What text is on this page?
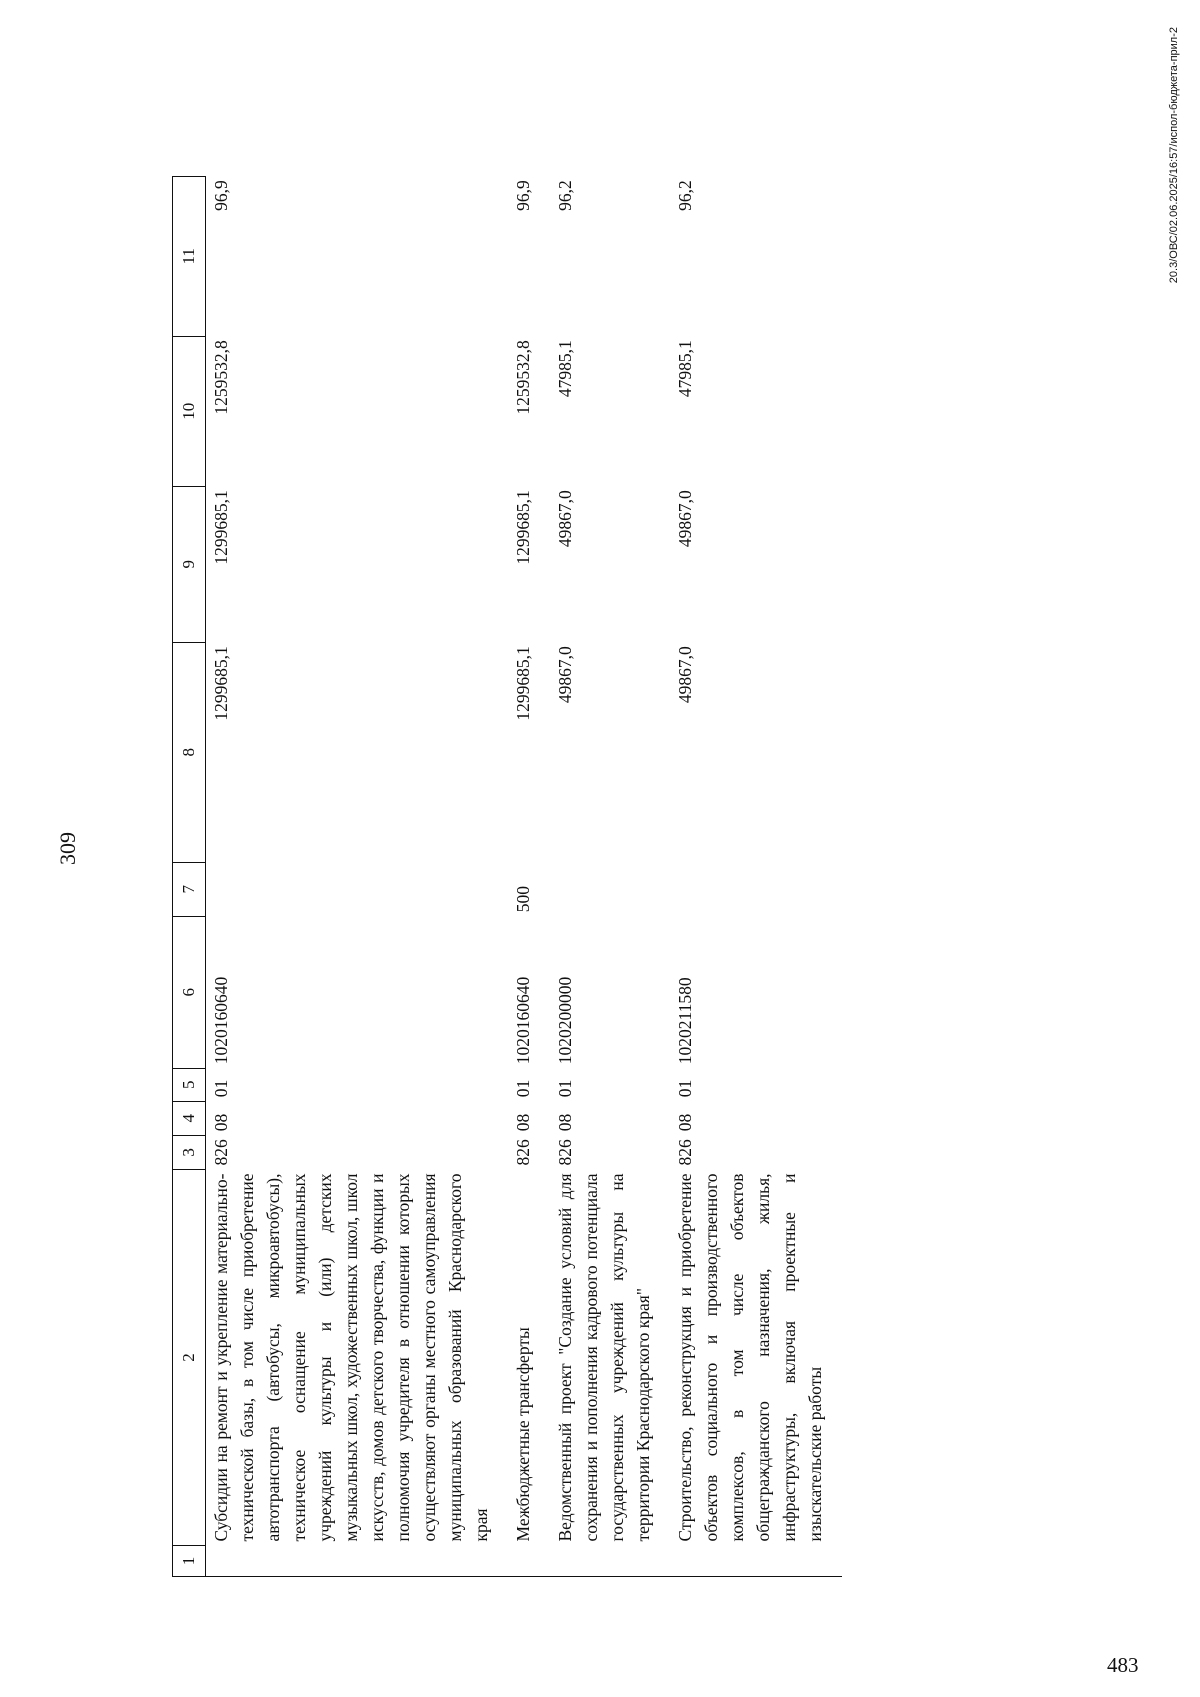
309
1	2	3	4	5	6	7	8	9	10	11
	Субсидии на ремонт и укрепление материально-технической базы, в том числе приобретение автотранспорта (автобусы, микроавтобусы), техническое оснащение муниципальных учреждений культуры и (или) детских музыкальных школ, художественных школ, школ искусств, домов детского творчества, функции и полномочия учредителя в отношении которых осуществляют органы местного самоуправления муниципальных образований Краснодарского края	826	08	01	1020160640		1299685,1	1299685,1	1259532,8	96,9
	Межбюджетные трансферты	826	08	01	1020160640	500	1299685,1	1299685,1	1259532,8	96,9
	Ведомственный проект "Создание условий для сохранения и пополнения кадрового потенциала государственных учреждений культуры на территории Краснодарского края"	826	08	01	1020200000		49867,0	49867,0	47985,1	96,2
	Строительство, реконструкция и приобретение объектов социального и производственного комплексов, в том числе объектов общегражданского назначения, жилья, инфраструктуры, включая проектные и изыскательские работы	826	08	01	1020211580		49867,0	49867,0	47985,1	96,2	20.3/ОВС/02.06.2025/16:57/испол-бюджета-прил-2
483
